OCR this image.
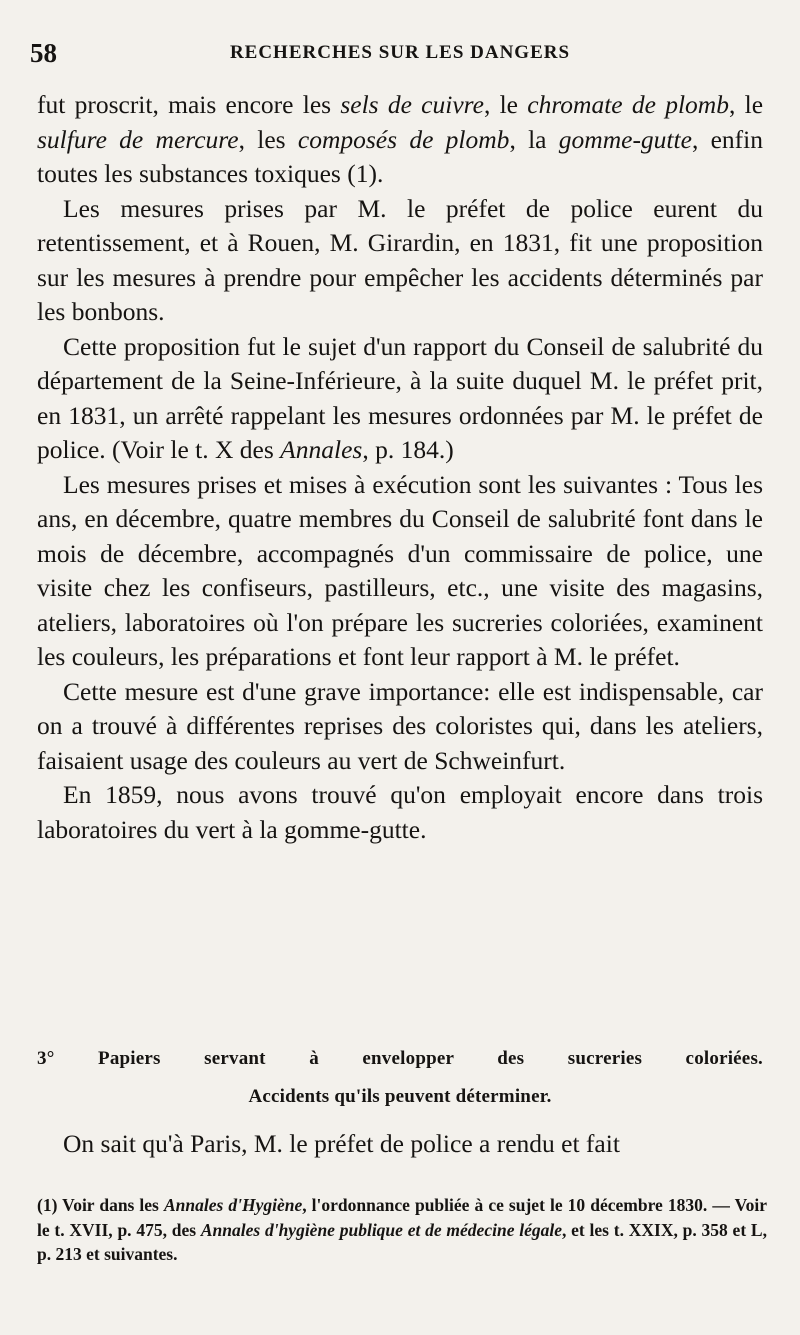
58	RECHERCHES SUR LES DANGERS

fut proscrit, mais encore les sels de cuivre, le chromate de plomb, le sulfure de mercure, les composés de plomb, la gomme-gutte, enfin toutes les substances toxiques (1).

Les mesures prises par M. le préfet de police eurent du retentissement, et à Rouen, M. Girardin, en 1831, fit une proposition sur les mesures à prendre pour empêcher les accidents déterminés par les bonbons.

Cette proposition fut le sujet d'un rapport du Conseil de salubrité du département de la Seine-Inférieure, à la suite duquel M. le préfet prit, en 1831, un arrêté rappelant les mesures ordonnées par M. le préfet de police. (Voir le t. X des Annales, p. 184.)

Les mesures prises et mises à exécution sont les suivantes : Tous les ans, en décembre, quatre membres du Conseil de salubrité font dans le mois de décembre, accompagnés d'un commissaire de police, une visite chez les confiseurs, pastilleurs, etc., une visite des magasins, ateliers, laboratoires où l'on prépare les sucreries coloriées, examinent les couleurs, les préparations et font leur rapport à M. le préfet.

Cette mesure est d'une grave importance: elle est indispensable, car on a trouvé à différentes reprises des coloristes qui, dans les ateliers, faisaient usage des couleurs au vert de Schweinfurt.

En 1859, nous avons trouvé qu'on employait encore dans trois laboratoires du vert à la gomme-gutte.

3° Papiers servant à envelopper des sucreries coloriées.
Accidents qu'ils peuvent déterminer.

On sait qu'à Paris, M. le préfet de police a rendu et fait

(1) Voir dans les Annales d'Hygiène, l'ordonnance publiée à ce sujet le 10 décembre 1830. — Voir le t. XVII, p. 475, des Annales d'hygiène publique et de médecine légale, et les t. XXIX, p. 358 et L, p. 213 et suivantes.
